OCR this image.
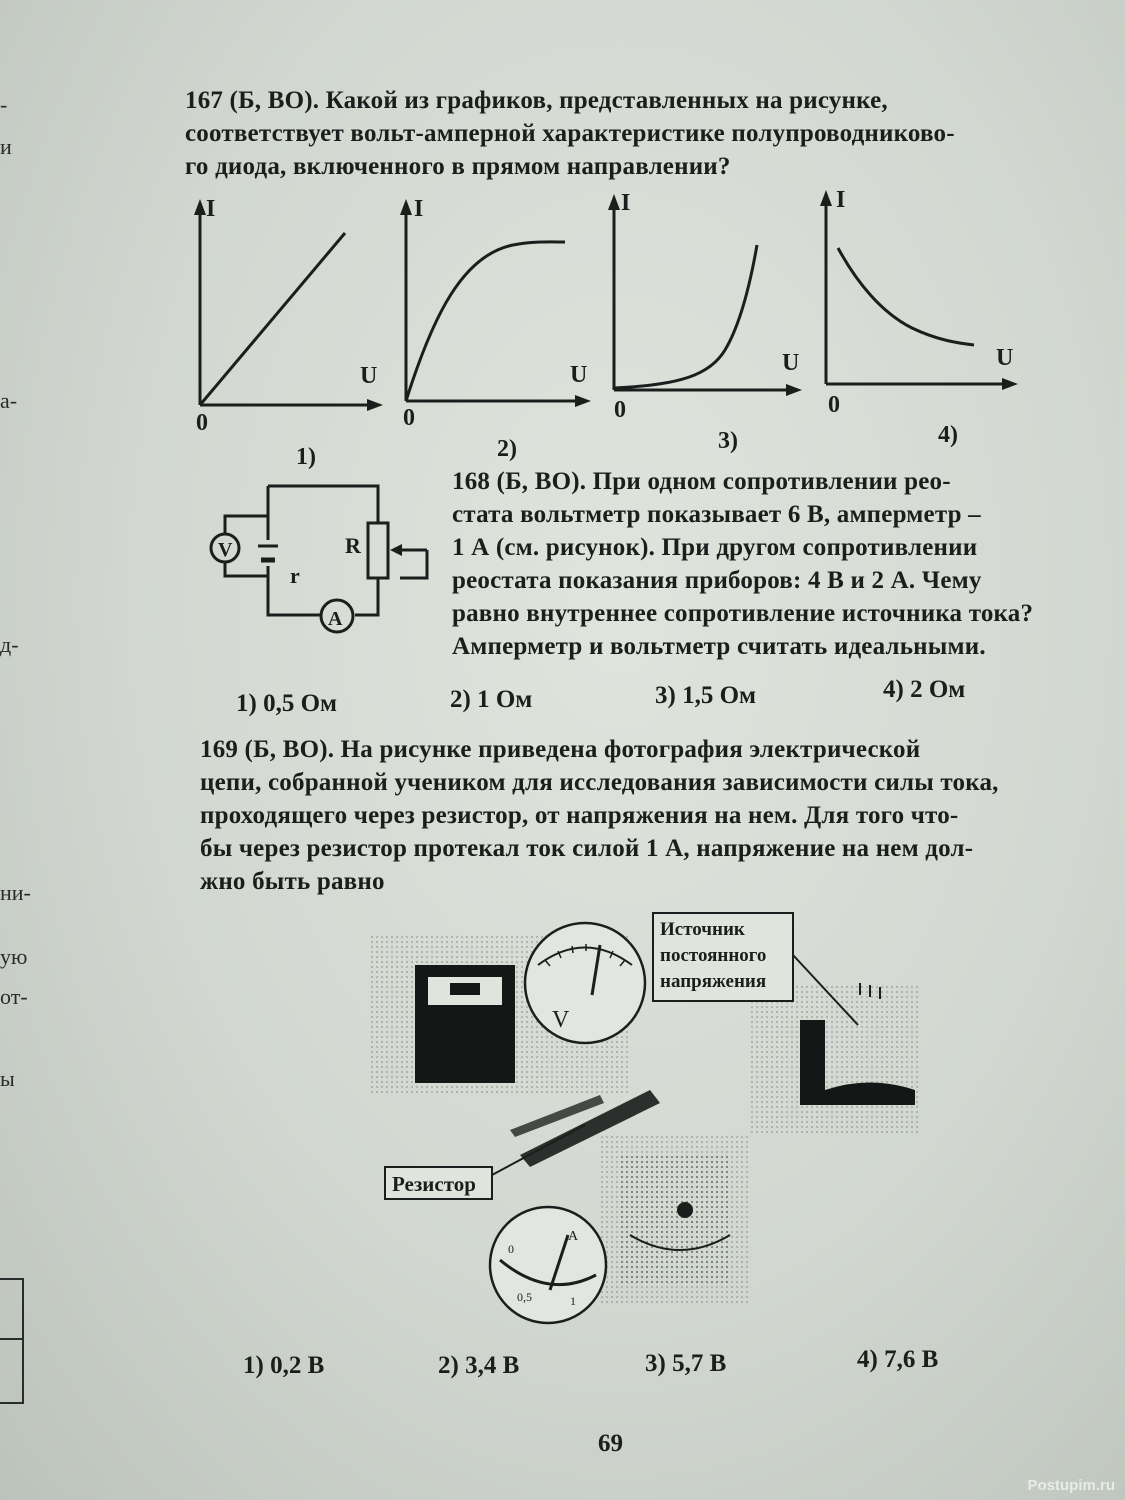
-
и
а-
д-
ни-
ую
от-
ы

167 (Б, ВО). Какой из графиков, представленных на рисунке,
соответствует вольт-амперной характеристике полупроводниково-
го диода, включенного в прямом направлении?

I
U
0
1)
I
U
0
2)
I
U
0
3)
I
U
0
4)
V
A
R
r

168 (Б, ВО). При одном сопротивлении рео-
стата вольтметр показывает 6 В, амперметр –
1 А (см. рисунок). При другом сопротивлении
реостата показания приборов: 4 В и 2 А. Чему
равно внутреннее сопротивление источника тока?
Амперметр и вольтметр считать идеальными.

1) 0,5 Ом	2) 1 Ом	3) 1,5 Ом	4) 2 Ом

169 (Б, ВО). На рисунке приведена фотография электрической
цепи, собранной учеником для исследования зависимости силы тока,
проходящего через резистор, от напряжения на нем. Для того что-
бы через резистор протекал ток силой 1 А, напряжение на нем дол-
жно быть равно

V
Источник
постоянного
напряжения
Резистор
A
0
0,5	1
1) 0,2 В	2) 3,4 В	3) 5,7 В	4) 7,6 В
69
Postupim.ru
